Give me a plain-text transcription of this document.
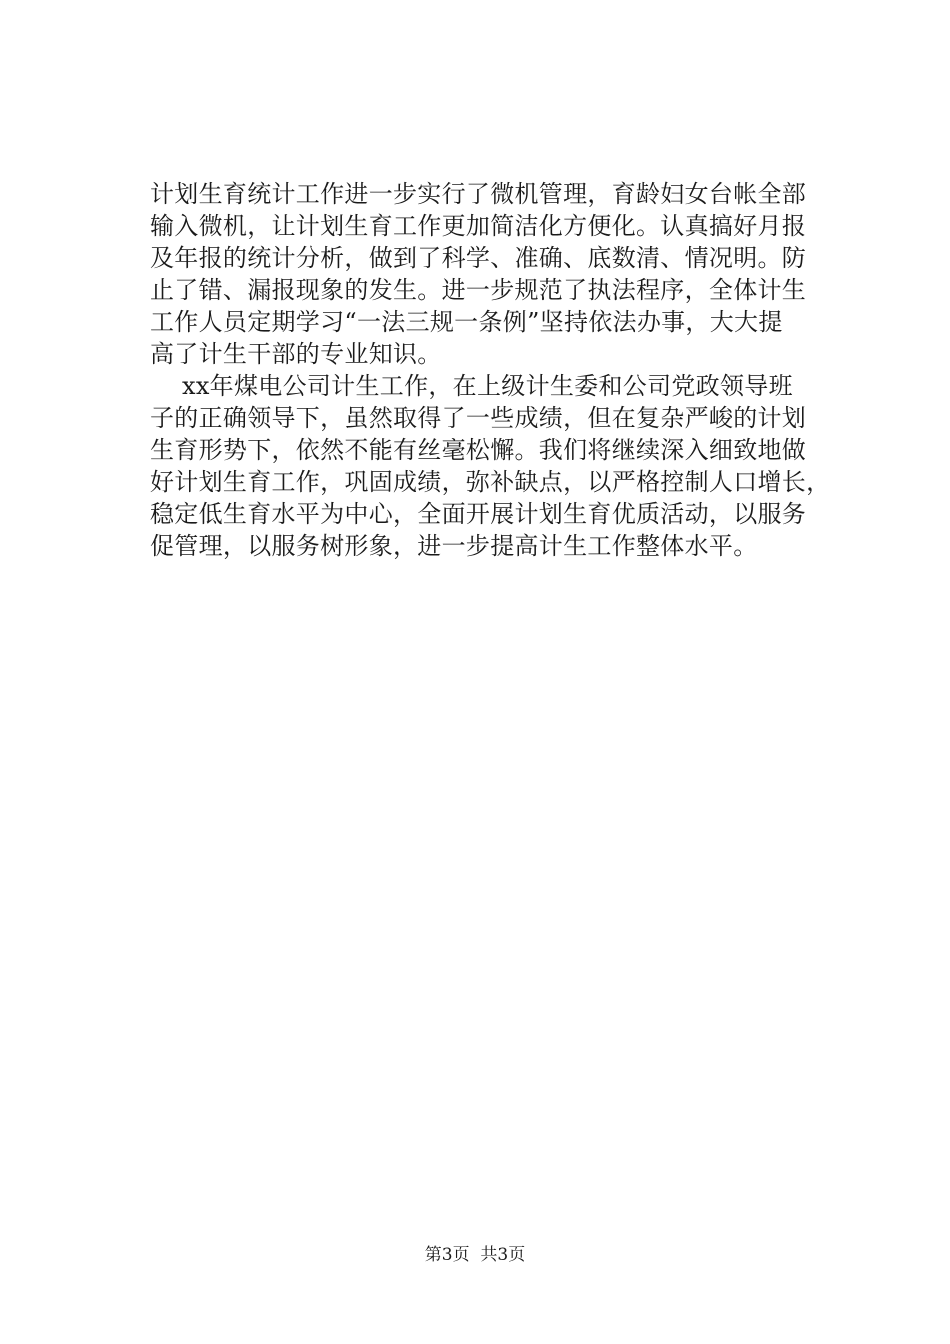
计划生育统计工作进一步实行了微机管理，育龄妇女台帐全部
输入微机，让计划生育工作更加简洁化方便化。认真搞好月报
及年报的统计分析，做到了科学、准确、底数清、情况明。防
止了错、漏报现象的发生。进一步规范了执法程序，全体计生
工作人员定期学习“一法三规一条例”坚持依法办事，大大提
高了计生干部的专业知识。
xx年煤电公司计生工作，在上级计生委和公司党政领导班
子的正确领导下，虽然取得了一些成绩，但在复杂严峻的计划
生育形势下，依然不能有丝毫松懈。我们将继续深入细致地做
好计划生育工作，巩固成绩，弥补缺点，以严格控制人口增长，
稳定低生育水平为中心，全面开展计划生育优质活动，以服务
促管理，以服务树形象，进一步提高计生工作整体水平。
第3页 共3页
